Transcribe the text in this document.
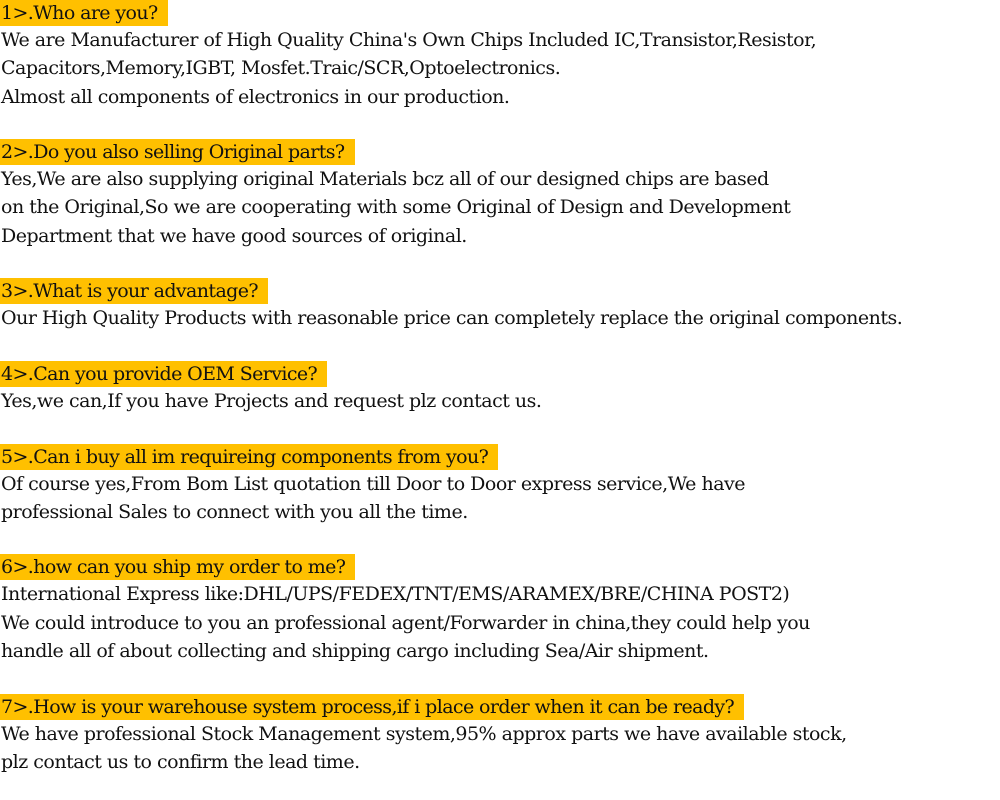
1>.Who are you?
We are Manufacturer of High Quality China's Own Chips Included IC,Transistor,Resistor,
Capacitors,Memory,IGBT, Mosfet.Traic/SCR,Optoelectronics.
Almost all components of electronics in our production.
2>.Do you also selling Original parts?
Yes,We are also supplying original Materials bcz all of our designed chips are based
on the Original,So we are cooperating with some Original of Design and Development
Department that we have good sources of original.
3>.What is your advantage?
Our High Quality Products with reasonable price can completely replace the original components.
4>.Can you provide OEM Service?
Yes,we can,If you have Projects and request plz contact us.
5>.Can i buy all im requireing components from you?
Of course yes,From Bom List quotation till Door to Door express service,We have
professional Sales to connect with you all the time.
6>.how can you ship my order to me?
International Express like:DHL/UPS/FEDEX/TNT/EMS/ARAMEX/BRE/CHINA POST2)
We could introduce to you an professional agent/Forwarder in china,they could help you
handle all of about collecting and shipping cargo including Sea/Air shipment.
7>.How is your warehouse system process,if i place order when it can be ready?
We have professional Stock Management system,95% approx parts we have available stock,
plz contact us to confirm the lead time.
